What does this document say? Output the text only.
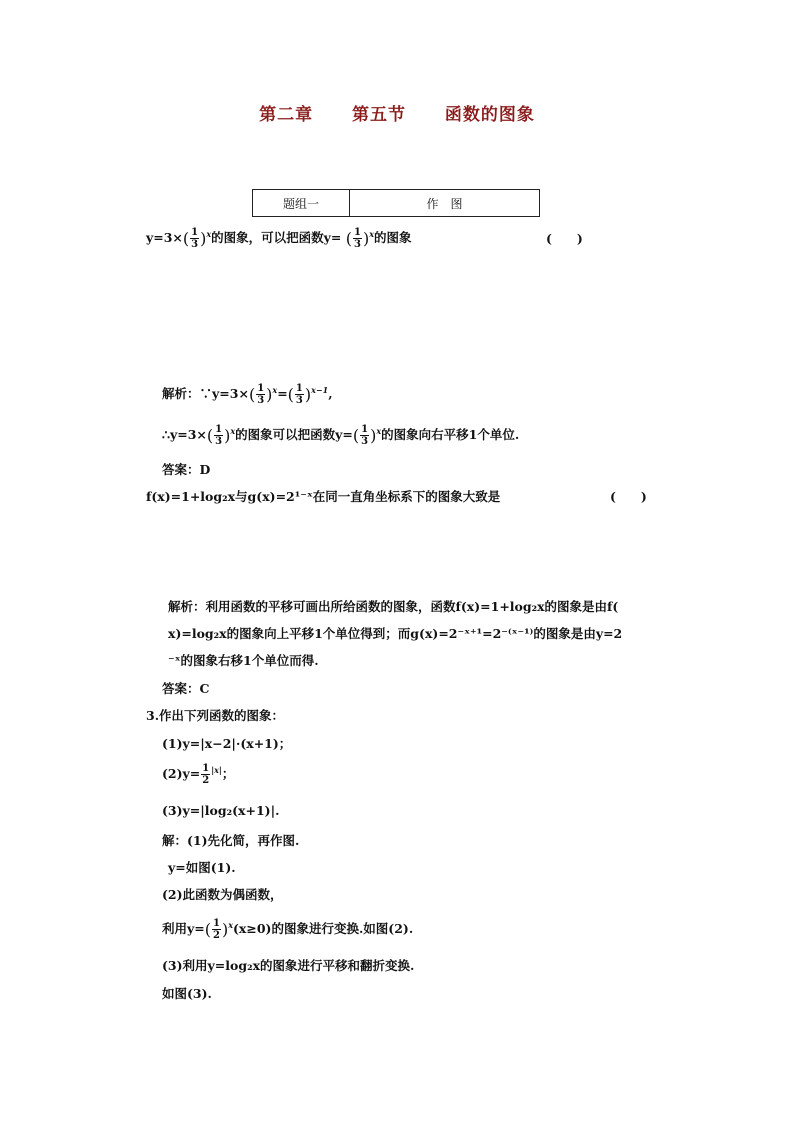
第二章 第五节 函数的图象
题组一	作　图
$y=3\times( \frac{1}{3} )^x$的图象，可以把函数y= ( $\frac{1}{3} )^x$的图象	(　　)
解析：∵y=3×( $\frac{1}{3} )^x=( \frac{1}{3} )^{x-1}$,
∴y=3×( $\frac{1}{3} )^x$的图象可以把函数$y=( \frac{1}{3} )^x$的图象向右平移1个单位.
答案：D
f(x)=1+log₂x与g(x)=2¹⁻ˣ在同一直角坐标系下的图象大致是	(　　)
解析：利用函数的平移可画出所给函数的图象，函数f(x)=1+log₂x的图象是由f(
x)=log₂x的图象向上平移1个单位得到；而g(x)=2⁻ˣ⁺¹=2⁻⁽ˣ⁻¹⁾的图象是由y=2
⁻ˣ的图象右移1个单位而得.
答案：C
3.作出下列函数的图象：
(1)y=|x−2|·(x+1)；
$(2)y= \frac{1}{2} ^{|x|}$；
(3)y=|log₂(x+1)|.
解：(1)先化简，再作图.
y=如图(1).
(2)此函数为偶函数，
利用$y=( \frac{1}{2} )^x(x\ge 0)$的图象进行变换.如图(2).
(3)利用y=log₂x的图象进行平移和翻折变换.
如图(3).
